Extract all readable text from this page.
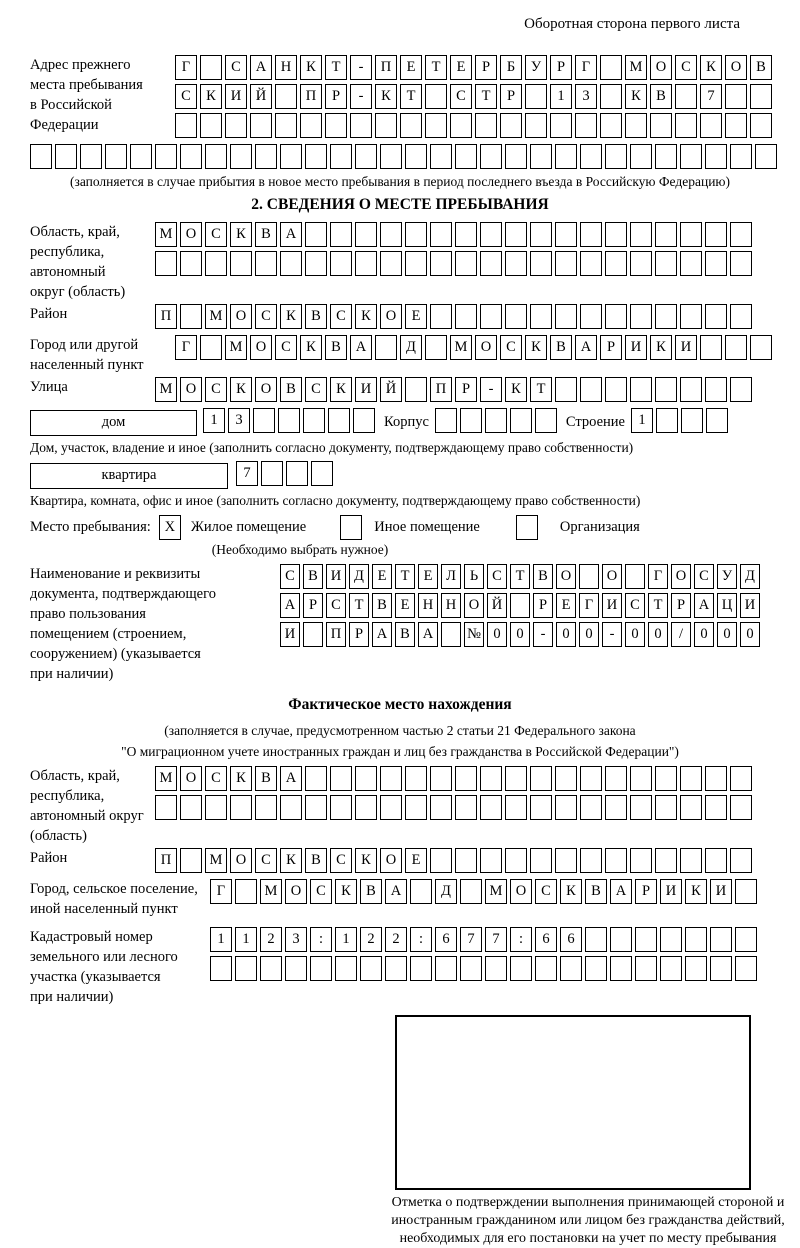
Оборотная сторона первого листа
Адрес прежнего
места пребывания
в Российской
Федерации
Г	С А Н К Т - П Е Т Е Р Б У Р Г	М О С К О В
С К И Й	П Р - К Т	С Т Р	1 3	К В	7
(заполняется в случае прибытия в новое место пребывания в период последнего въезда в Российскую Федерацию)
2. СВЕДЕНИЯ О МЕСТЕ ПРЕБЫВАНИЯ
Область, край,
республика,
автономный
округ (область)
М О С К В А
Район	П	М О С К В С К О Е
Город или другой
населенный пункт
Г	М О С К В А	Д	М О С К В А Р И К И
Улица	М О С К О В С К И Й	П Р - К Т
дом	1 3	Корпус	Строение 1
Дом, участок, владение и иное (заполнить согласно документу, подтверждающему право собственности)
квартира	7
Квартира, комната, офис и иное (заполнить согласно документу, подтверждающему право собственности)
Место пребывания: X	Жилое помещение	Иное помещение	Организация
(Необходимо выбрать нужное)
Наименование и реквизиты
документа, подтверждающего
право пользования
помещением (строением,
сооружением) (указывается
при наличии)
С В И Д Е Т Е Л Ь С Т В О О	Г О С У Д
А Р С Т В Е Н Н О Й	Р Е Г И С Т Р А Ц И
И П Р А В А № 0 0 - 0 0 - 0 0 / 0 0 0
Фактическое место нахождения
(заполняется в случае, предусмотренном частью 2 статьи 21 Федерального закона
"О миграционном учете иностранных граждан и лиц без гражданства в Российской Федерации")
Область, край,
республика,
автономный округ
(область)
М О С К В А
Район	П	М О С К В С К О Е
Город, сельское поселение,
иной населенный пункт
Г	М О С К В А	Д	М О С К В А Р И К И
Кадастровый номер
земельного или лесного
участка (указывается
при наличии)
1 1 2 3 : 1 2 2 : 6 7 7 : 6 6
Отметка о подтверждении выполнения принимающей стороной и иностранным гражданином или лицом без гражданства действий, необходимых для его постановки на учет по месту пребывания
